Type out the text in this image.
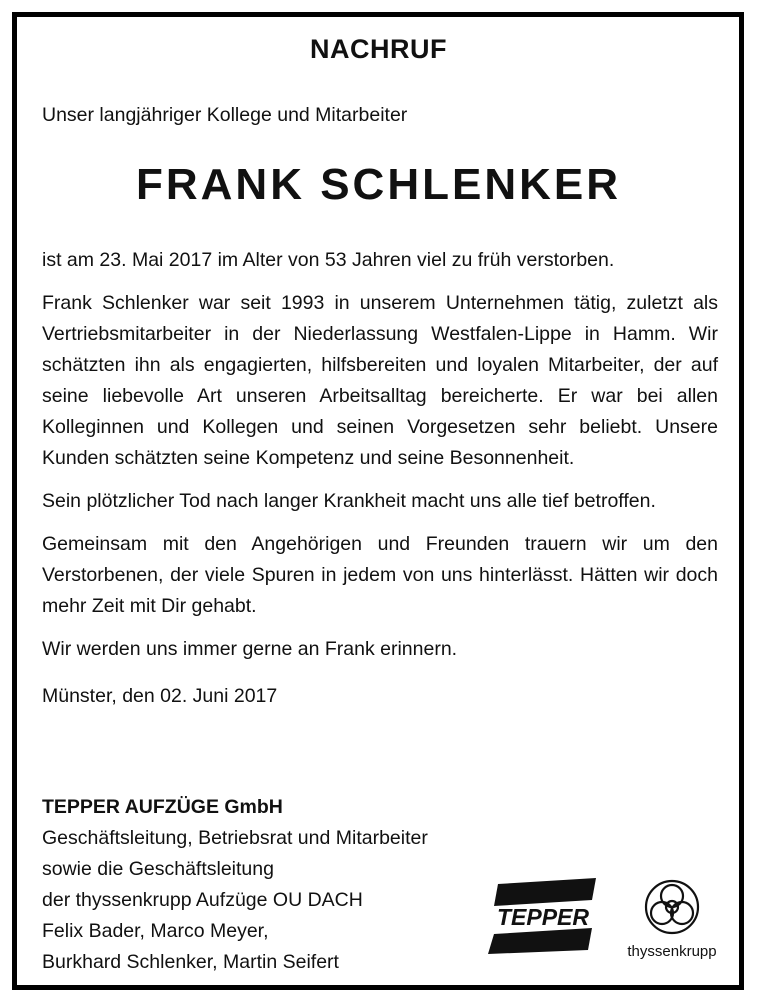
NACHRUF
Unser langjähriger Kollege und Mitarbeiter
FRANK SCHLENKER

ist am 23. Mai 2017 im Alter von 53 Jahren viel zu früh verstorben.

Frank Schlenker war seit 1993 in unserem Unternehmen tätig, zuletzt als Vertriebsmitarbeiter in der Niederlassung Westfalen-Lippe in Hamm. Wir schätzten ihn als engagierten, hilfsbereiten und loyalen Mitarbeiter, der auf seine liebevolle Art unseren Arbeitsalltag bereicherte. Er war bei allen Kolleginnen und Kollegen und seinen Vorgesetzen sehr beliebt. Unsere Kunden schätzten seine Kompetenz und seine Besonnenheit.

Sein plötzlicher Tod nach langer Krankheit macht uns alle tief betroffen.

Gemeinsam mit den Angehörigen und Freunden trauern wir um den Verstorbenen, der viele Spuren in jedem von uns hinterlässt. Hätten wir doch mehr Zeit mit Dir gehabt.

Wir werden uns immer gerne an Frank erinnern.

Münster, den 02. Juni 2017

TEPPER AUFZÜGE GmbH
Geschäftsleitung, Betriebsrat und Mitarbeiter
sowie die Geschäftsleitung
der thyssenkrupp Aufzüge OU DACH
Felix Bader, Marco Meyer,
Burkhard Schlenker, Martin Seifert
TEPPER
thyssenkrupp
